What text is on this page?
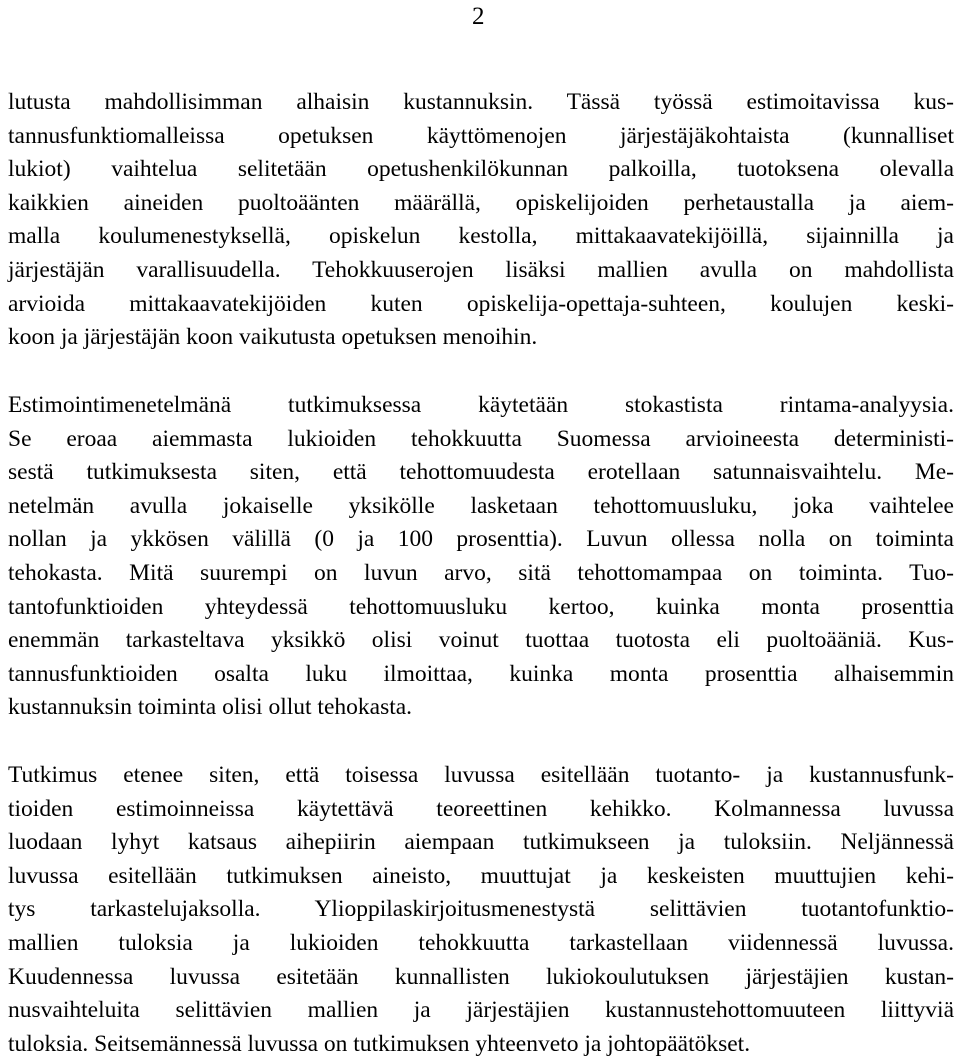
2
lutusta mahdollisimman alhaisin kustannuksin. Tässä työssä estimoitavissa kus-
tannusfunktiomalleissa opetuksen käyttömenojen järjestäjäkohtaista (kunnalliset
lukiot) vaihtelua selitetään opetushenkilökunnan palkoilla, tuotoksena olevalla
kaikkien aineiden puoltoäänten määrällä, opiskelijoiden perhetaustalla ja aiem-
malla koulumenestyksellä, opiskelun kestolla, mittakaavatekijöillä, sijainnilla ja
järjestäjän varallisuudella. Tehokkuuserojen lisäksi mallien avulla on mahdollista
arvioida mittakaavatekijöiden kuten opiskelija-opettaja-suhteen, koulujen keski-
koon ja järjestäjän koon vaikutusta opetuksen menoihin.
Estimointimenetelmänä tutkimuksessa käytetään stokastista rintama-analyysia.
Se eroaa aiemmasta lukioiden tehokkuutta Suomessa arvioineesta deterministi-
sestä tutkimuksesta siten, että tehottomuudesta erotellaan satunnaisvaihtelu. Me-
netelmän avulla jokaiselle yksikölle lasketaan tehottomuusluku, joka vaihtelee
nollan ja ykkösen välillä (0 ja 100 prosenttia). Luvun ollessa nolla on toiminta
tehokasta. Mitä suurempi on luvun arvo, sitä tehottomampaa on toiminta. Tuo-
tantofunktioiden yhteydessä tehottomuusluku kertoo, kuinka monta prosenttia
enemmän tarkasteltava yksikkö olisi voinut tuottaa tuotosta eli puoltoääniä. Kus-
tannusfunktioiden osalta luku ilmoittaa, kuinka monta prosenttia alhaisemmin
kustannuksin toiminta olisi ollut tehokasta.
Tutkimus etenee siten, että toisessa luvussa esitellään tuotanto- ja kustannusfunk-
tioiden estimoinneissa käytettävä teoreettinen kehikko. Kolmannessa luvussa
luodaan lyhyt katsaus aihepiirin aiempaan tutkimukseen ja tuloksiin. Neljännessä
luvussa esitellään tutkimuksen aineisto, muuttujat ja keskeisten muuttujien kehi-
tys tarkastelujaksolla. Ylioppilaskirjoitusmenestystä selittävien tuotantofunktio-
mallien tuloksia ja lukioiden tehokkuutta tarkastellaan viidennessä luvussa.
Kuudennessa luvussa esitetään kunnallisten lukiokoulutuksen järjestäjien kustan-
nusvaihteluita selittävien mallien ja järjestäjien kustannustehottomuuteen liittyviä
tuloksia. Seitsemännessä luvussa on tutkimuksen yhteenveto ja johtopäätökset.
